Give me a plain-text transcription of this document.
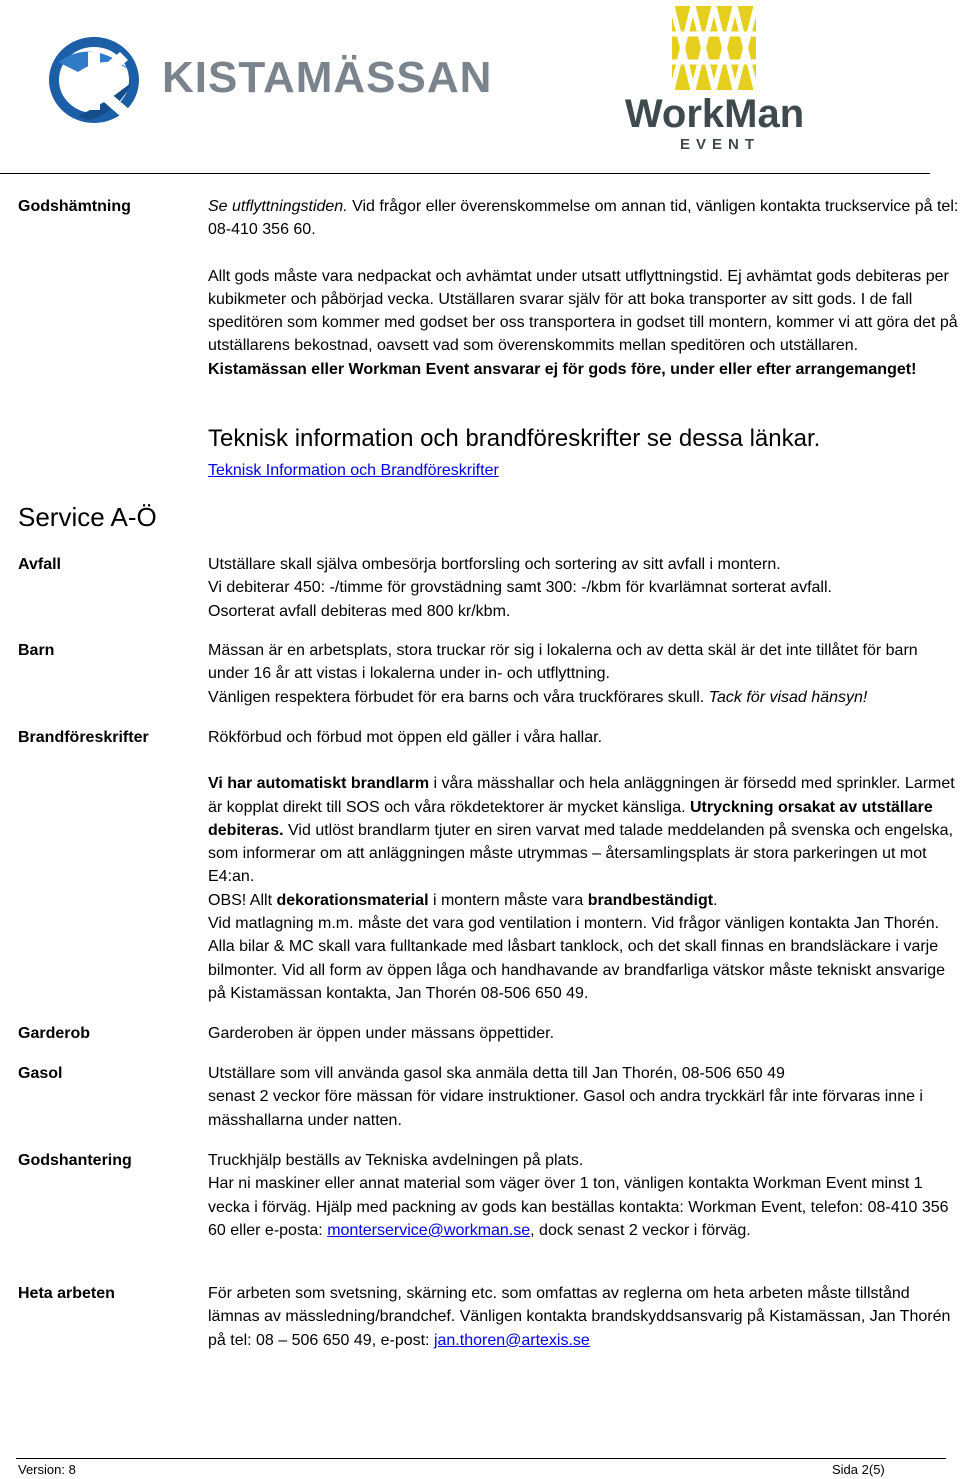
KISTAMÄSSAN
WorkMan
EVENT
Godshämtning	Se utflyttningstiden. Vid frågor eller överenskommelse om annan tid, vänligen kontakta truckservice på tel: 08-410 356 60.

Allt gods måste vara nedpackat och avhämtat under utsatt utflyttningstid. Ej avhämtat gods debiteras per kubikmeter och påbörjad vecka. Utställaren svarar själv för att boka transporter av sitt gods. I de fall speditören som kommer med godset ber oss transportera in godset till montern, kommer vi att göra det på utställarens bekostnad, oavsett vad som överenskommits mellan speditören och utställaren.

Kistamässan eller Workman Event ansvarar ej för gods före, under eller efter arrangemanget!

Teknisk information och brandföreskrifter se dessa länkar.
Teknisk Information och Brandföreskrifter
Service A-Ö
Avfall	Utställare skall själva ombesörja bortforsling och sortering av sitt avfall i montern.

Vi debiterar 450: -/timme för grovstädning samt 300: -/kbm för kvarlämnat sorterat avfall.

Osorterat avfall debiteras med 800 kr/kbm.

Barn	Mässan är en arbetsplats, stora truckar rör sig i lokalerna och av detta skäl är det inte tillåtet för barn under 16 år att vistas i lokalerna under in- och utflyttning.

Vänligen respektera förbudet för era barns och våra truckförares skull. Tack för visad hänsyn!

Brandföreskrifter	Rökförbud och förbud mot öppen eld gäller i våra hallar.

Vi har automatiskt brandlarm i våra mässhallar och hela anläggningen är försedd med sprinkler. Larmet är kopplat direkt till SOS och våra rökdetektorer är mycket känsliga. Utryckning orsakat av utställare debiteras. Vid utlöst brandlarm tjuter en siren varvat med talade meddelanden på svenska och engelska, som informerar om att anläggningen måste utrymmas – återsamlingsplats är stora parkeringen ut mot E4:an.

OBS! Allt dekorationsmaterial i montern måste vara brandbeständigt.

Vid matlagning m.m. måste det vara god ventilation i montern. Vid frågor vänligen kontakta Jan Thorén. Alla bilar & MC skall vara fulltankade med låsbart tanklock, och det skall finnas en brandsläckare i varje bilmonter. Vid all form av öppen låga och handhavande av brandfarliga vätskor måste tekniskt ansvarige på Kistamässan kontakta, Jan Thorén 08-506 650 49.

Garderob	Garderoben är öppen under mässans öppettider.
Gasol	Utställare som vill använda gasol ska anmäla detta till Jan Thorén, 08-506 650 49

senast 2 veckor före mässan för vidare instruktioner. Gasol och andra tryckkärl får inte förvaras inne i mässhallarna under natten.

Godshantering	Truckhjälp beställs av Tekniska avdelningen på plats.

Har ni maskiner eller annat material som väger över 1 ton, vänligen kontakta Workman Event minst 1 vecka i förväg. Hjälp med packning av gods kan beställas kontakta: Workman Event, telefon: 08-410 356 60 eller e-posta: monterservice@workman.se, dock senast 2 veckor i förväg.

Heta arbeten	För arbeten som svetsning, skärning etc. som omfattas av reglerna om heta arbeten måste tillstånd lämnas av mässledning/brandchef. Vänligen kontakta brandskyddsansvarig på Kistamässan, Jan Thorén på tel: 08 – 506 650 49, e-post: jan.thoren@artexis.se

Version: 8	Sida 2(5)
